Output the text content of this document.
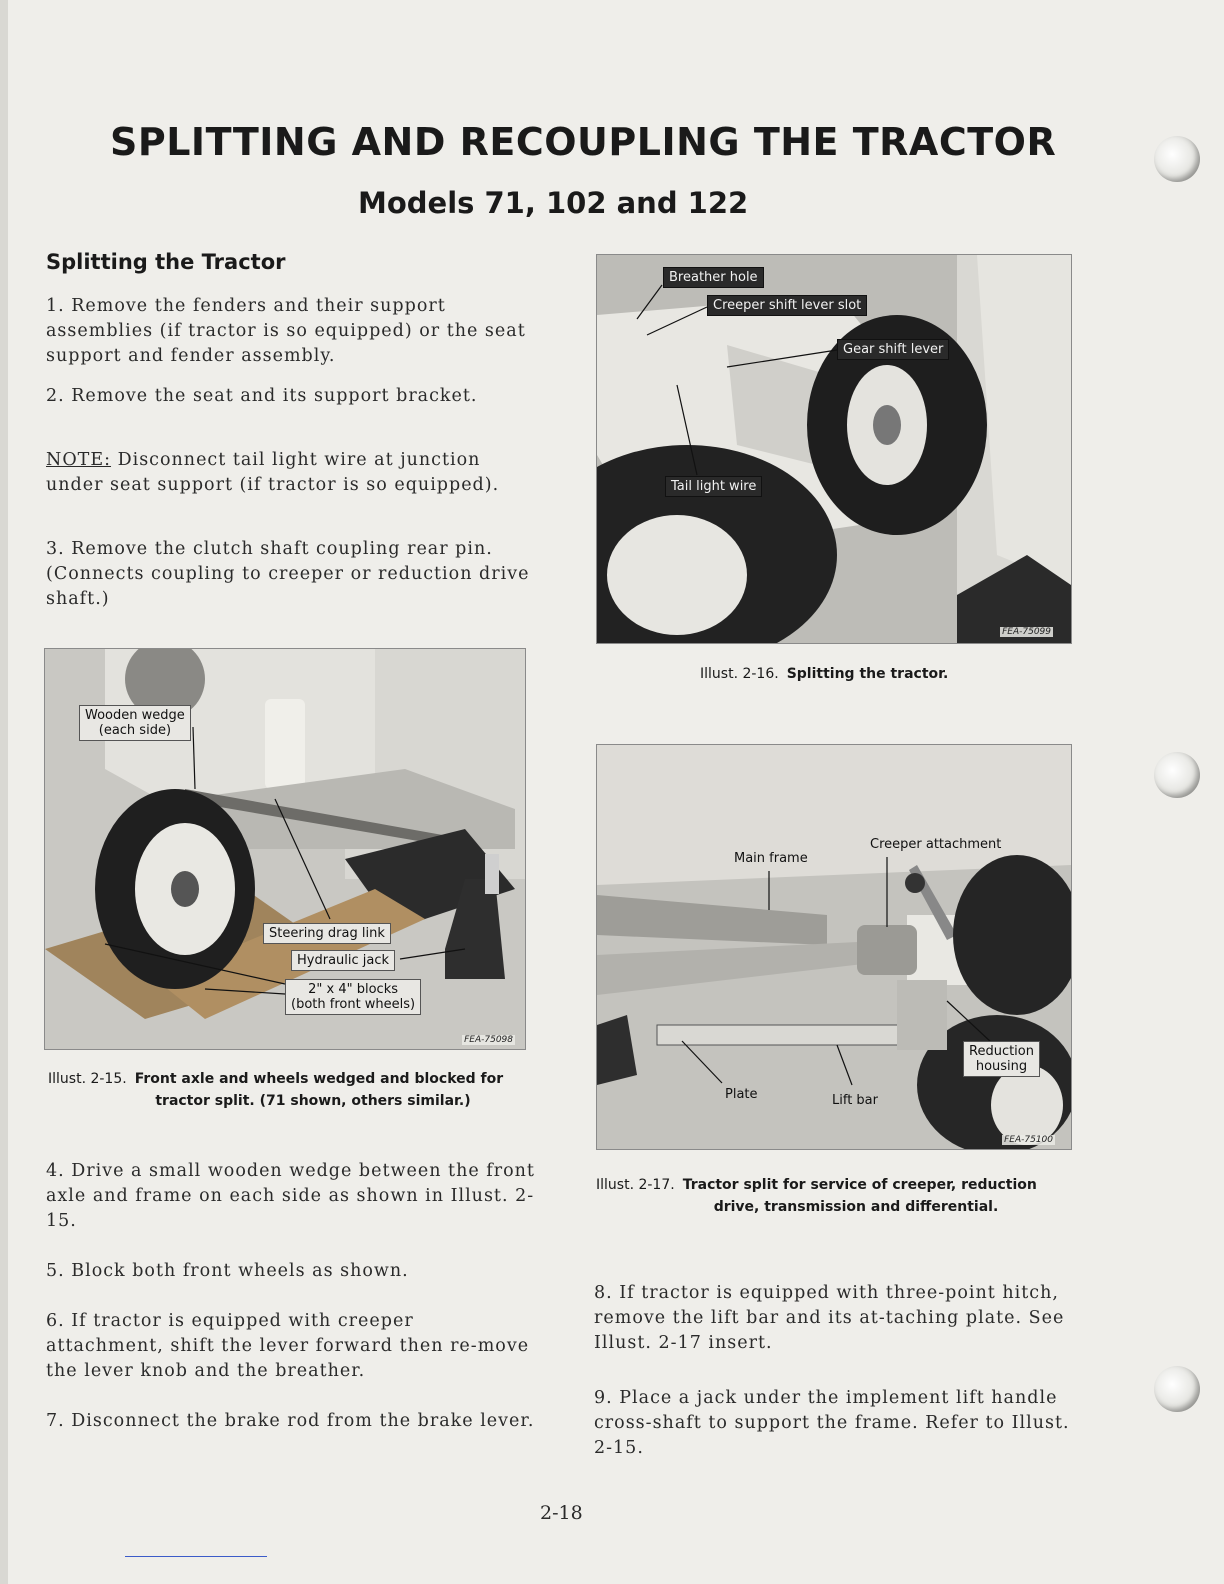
SPLITTING AND RECOUPLING THE TRACTOR
Models 71, 102 and 122
Splitting the Tractor

1. Remove the fenders and their support assemblies (if tractor is so equipped) or the seat support and fender assembly.

2. Remove the seat and its support bracket.

NOTE: Disconnect tail light wire at junction under seat support (if tractor is so equipped).

3. Remove the clutch shaft coupling rear pin. (Connects coupling to creeper or reduction drive shaft.)

Wooden wedge
(each side)
Steering drag link
Hydraulic jack
2" x 4" blocks
(both front wheels)
FEA-75098
Illust. 2-15. Front axle and wheels wedged and blocked for
tractor split. (71 shown, others similar.)

4. Drive a small wooden wedge between the front axle and frame on each side as shown in Illust. 2-15.

5. Block both front wheels as shown.

6. If tractor is equipped with creeper attachment, shift the lever forward then re-move the lever knob and the breather.

7. Disconnect the brake rod from the brake lever.

Breather hole
Creeper shift lever slot
Gear shift lever
Tail light wire
FEA-75099
Illust. 2-16. Splitting the tractor.
Main frame
Creeper attachment
Reduction
housing
Plate	Lift bar
FEA-75100
Illust. 2-17. Tractor split for service of creeper, reduction
drive, transmission and differential.

8. If tractor is equipped with three-point hitch, remove the lift bar and its at-taching plate. See Illust. 2-17 insert.

9. Place a jack under the implement lift handle cross-shaft to support the frame. Refer to Illust. 2-15.

2-18
